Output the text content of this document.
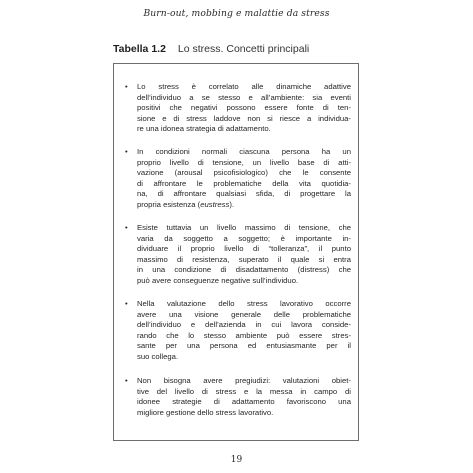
Burn-out, mobbing e malattie da stress
Tabella 1.2 Lo stress. Concetti principali
• Lo stress è correlato alle dinamiche adattive
dell’individuo a se stesso e all’ambiente: sia eventi
positivi che negativi possono essere fonte di ten-
sione e di stress laddove non si riesce a individua-
re una idonea strategia di adattamento.
• In condizioni normali ciascuna persona ha un
proprio livello di tensione, un livello base di atti-
vazione (arousal psicofisiologico) che le consente
di affrontare le problematiche della vita quotidia-
na, di affrontare qualsiasi sfida, di progettare la
propria esistenza (eustress).
• Esiste tuttavia un livello massimo di tensione, che
varia da soggetto a soggetto; è importante in-
dividuare il proprio livello di “tolleranza”, il punto
massimo di resistenza, superato il quale si entra
in una condizione di disadattamento (distress) che
può avere conseguenze negative sull’individuo.
• Nella valutazione dello stress lavorativo occorre
avere una visione generale delle problematiche
dell’individuo e dell’azienda in cui lavora conside-
rando che lo stesso ambiente può essere stres-
sante per una persona ed entusiasmante per il
suo collega.
• Non bisogna avere pregiudizi: valutazioni obiet-
tive del livello di stress e la messa in campo di
idonee strategie di adattamento favoriscono una
migliore gestione dello stress lavorativo.
19
